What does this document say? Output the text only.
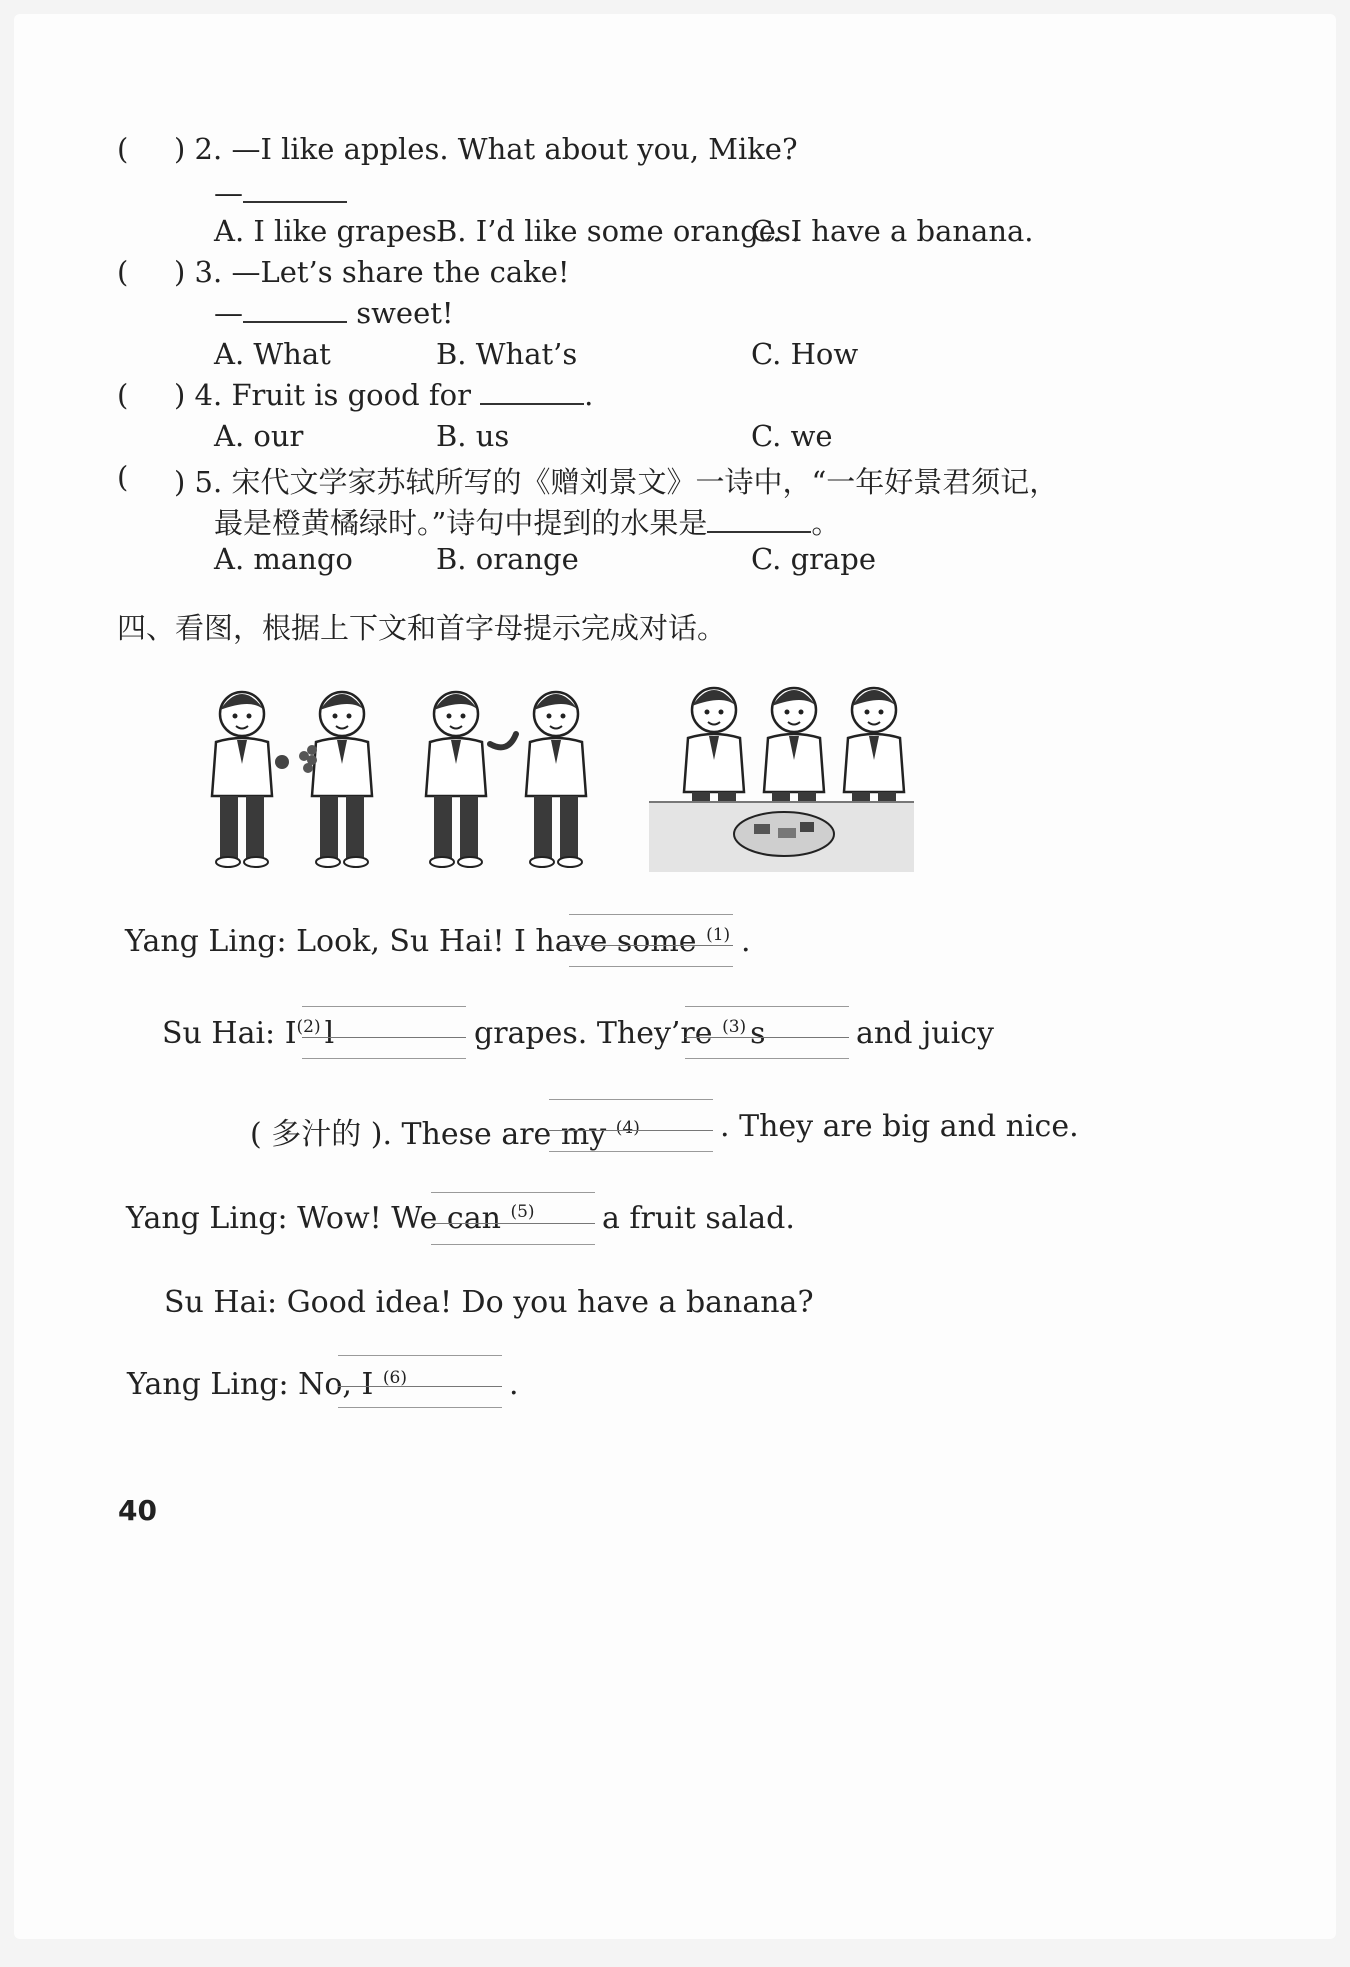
( ) 2. —I like apples. What about you, Mike?
—
A. I like grapes.
B. I’d like some oranges.
C. I have a banana.
( ) 3. —Let’s share the cake!
—	sweet!
A. What	B. What’s	C. How
( ) 4. Fruit is good for	.
A. our	B. us	C. we
( ) 5. 宋代文学家苏轼所写的《赠刘景文》一诗中，“一年好景君须记，
最是橙黄橘绿时。”诗句中提到的水果是	。
A. mango	B. orange	C. grape
四、看图，根据上下文和首字母提示完成对话。
Yang Ling: Look, Su Hai! I have some $^{(1)}$ .
Su Hai: $I^{(2)}$ l	grapes. They’re $^{(3)}$ s	and juicy
( 多汁的 ). These are my $^{(4)}$	. They are big and nice.
Yang Ling: Wow! We can $^{(5)}$ a fruit salad.
Su Hai: Good idea! Do you have a banana?
Yang Ling: No, I $^{(6)}$	.
40
